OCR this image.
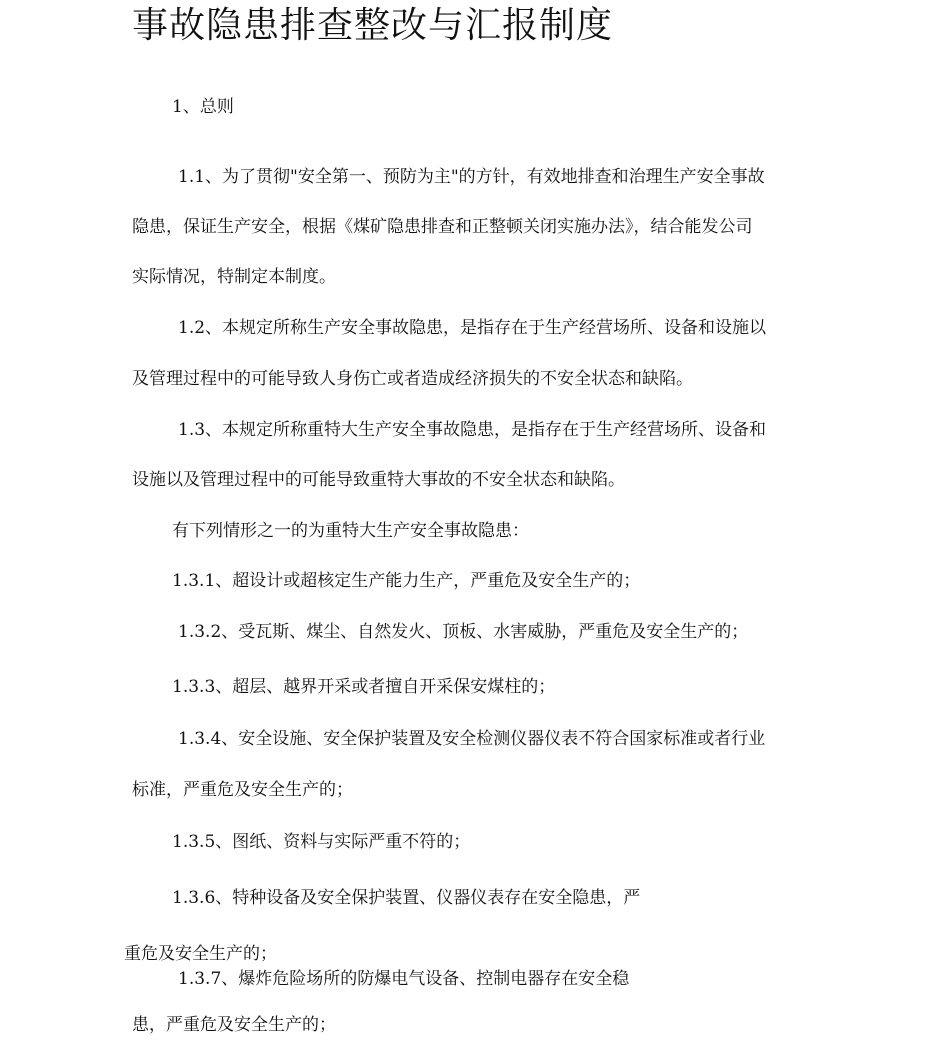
事故隐患排查整改与汇报制度
1、总则
1.1、为了贯彻"安全第一、预防为主"的方针，有效地排查和治理生产安全事故
隐患，保证生产安全，根据《煤矿隐患排查和正整顿关闭实施办法》，结合能发公司
实际情况，特制定本制度。
1.2、本规定所称生产安全事故隐患，是指存在于生产经营场所、设备和设施以
及管理过程中的可能导致人身伤亡或者造成经济损失的不安全状态和缺陷。
1.3、本规定所称重特大生产安全事故隐患，是指存在于生产经营场所、设备和
设施以及管理过程中的可能导致重特大事故的不安全状态和缺陷。
有下列情形之一的为重特大生产安全事故隐患：
1.3.1、超设计或超核定生产能力生产，严重危及安全生产的；
1.3.2、受瓦斯、煤尘、自然发火、顶板、水害威胁，严重危及安全生产的；
1.3.3、超层、越界开采或者擅自开采保安煤柱的；
1.3.4、安全设施、安全保护装置及安全检测仪器仪表不符合国家标准或者行业
标准，严重危及安全生产的；
1.3.5、图纸、资料与实际严重不符的；
1.3.6、特种设备及安全保护装置、仪器仪表存在安全隐患，严
重危及安全生产的；
1.3.7、爆炸危险场所的防爆电气设备、控制电器存在安全稳
患，严重危及安全生产的；
